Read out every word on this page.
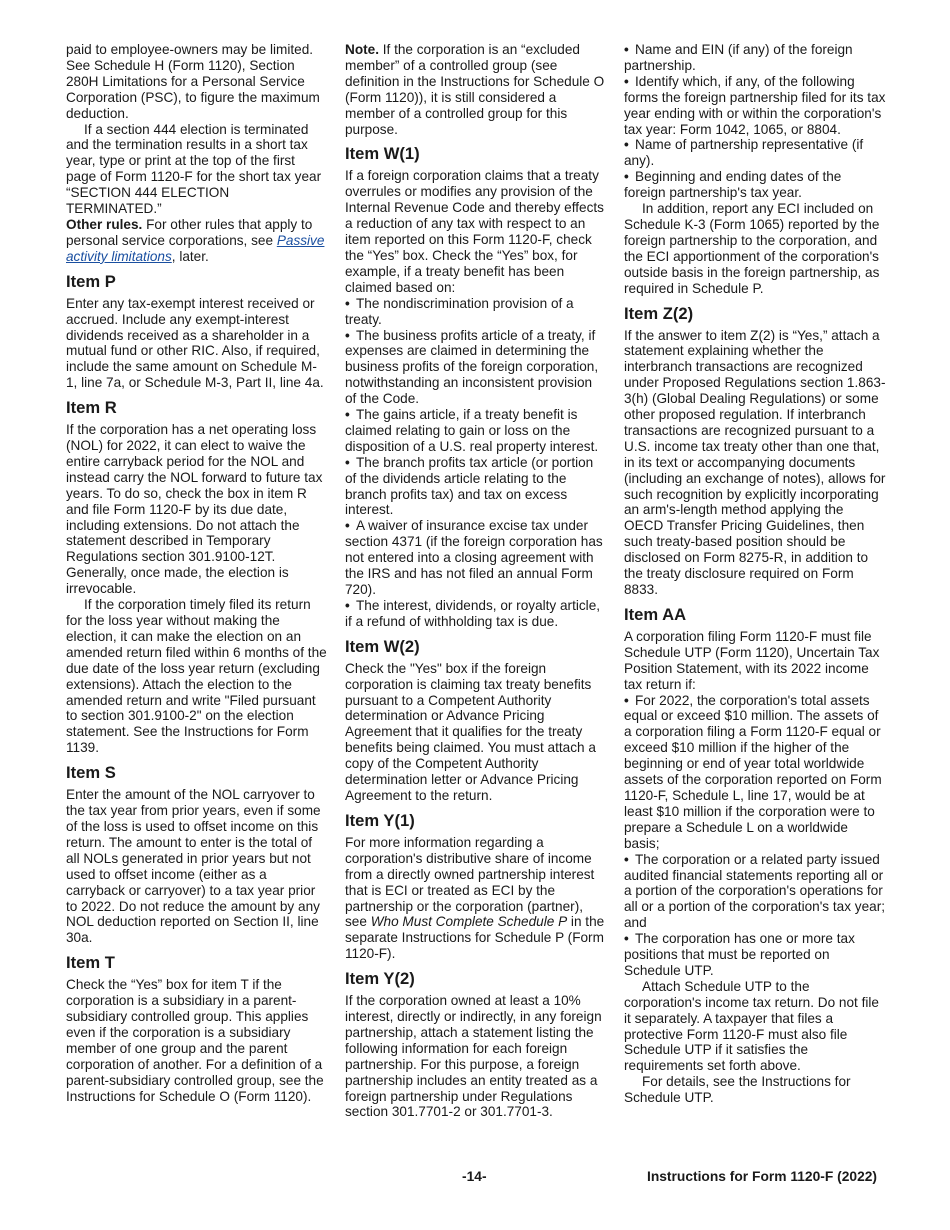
paid to employee-owners may be limited. See Schedule H (Form 1120), Section 280H Limitations for a Personal Service Corporation (PSC), to figure the maximum deduction.

If a section 444 election is terminated and the termination results in a short tax year, type or print at the top of the first page of Form 1120-F for the short tax year “SECTION 444 ELECTION TERMINATED.”

Other rules. For other rules that apply to personal service corporations, see Passive activity limitations, later.

Item P

Enter any tax-exempt interest received or accrued. Include any exempt-interest dividends received as a shareholder in a mutual fund or other RIC. Also, if required, include the same amount on Schedule M-1, line 7a, or Schedule M-3, Part II, line 4a.

Item R

If the corporation has a net operating loss (NOL) for 2022, it can elect to waive the entire carryback period for the NOL and instead carry the NOL forward to future tax years. To do so, check the box in item R and file Form 1120-F by its due date, including extensions. Do not attach the statement described in Temporary Regulations section 301.9100-12T. Generally, once made, the election is irrevocable.

If the corporation timely filed its return for the loss year without making the election, it can make the election on an amended return filed within 6 months of the due date of the loss year return (excluding extensions). Attach the election to the amended return and write "Filed pursuant to section 301.9100-2" on the election statement. See the Instructions for Form 1139.

Item S

Enter the amount of the NOL carryover to the tax year from prior years, even if some of the loss is used to offset income on this return. The amount to enter is the total of all NOLs generated in prior years but not used to offset income (either as a carryback or carryover) to a tax year prior to 2022. Do not reduce the amount by any NOL deduction reported on Section II, line 30a.

Item T

Check the “Yes” box for item T if the corporation is a subsidiary in a parent-subsidiary controlled group. This applies even if the corporation is a subsidiary member of one group and the parent corporation of another. For a definition of a parent-subsidiary controlled group, see the Instructions for Schedule O (Form 1120).

Note. If the corporation is an “excluded member” of a controlled group (see definition in the Instructions for Schedule O (Form 1120)), it is still considered a member of a controlled group for this purpose.

Item W(1)

If a foreign corporation claims that a treaty overrules or modifies any provision of the Internal Revenue Code and thereby effects a reduction of any tax with respect to an item reported on this Form 1120-F, check the “Yes” box. Check the “Yes” box, for example, if a treaty benefit has been claimed based on:

• The nondiscrimination provision of a treaty.

• The business profits article of a treaty, if expenses are claimed in determining the business profits of the foreign corporation, notwithstanding an inconsistent provision of the Code.

• The gains article, if a treaty benefit is claimed relating to gain or loss on the disposition of a U.S. real property interest.

• The branch profits tax article (or portion of the dividends article relating to the branch profits tax) and tax on excess interest.

• A waiver of insurance excise tax under section 4371 (if the foreign corporation has not entered into a closing agreement with the IRS and has not filed an annual Form 720).

• The interest, dividends, or royalty article, if a refund of withholding tax is due.

Item W(2)

Check the "Yes" box if the foreign corporation is claiming tax treaty benefits pursuant to a Competent Authority determination or Advance Pricing Agreement that it qualifies for the treaty benefits being claimed. You must attach a copy of the Competent Authority determination letter or Advance Pricing Agreement to the return.

Item Y(1)

For more information regarding a corporation's distributive share of income from a directly owned partnership interest that is ECI or treated as ECI by the partnership or the corporation (partner), see Who Must Complete Schedule P in the separate Instructions for Schedule P (Form 1120-F).

Item Y(2)

If the corporation owned at least a 10% interest, directly or indirectly, in any foreign partnership, attach a statement listing the following information for each foreign partnership. For this purpose, a foreign partnership includes an entity treated as a foreign partnership under Regulations section 301.7701-2 or 301.7701-3.

• Name and EIN (if any) of the foreign partnership.

• Identify which, if any, of the following forms the foreign partnership filed for its tax year ending with or within the corporation's tax year: Form 1042, 1065, or 8804.

• Name of partnership representative (if any).

• Beginning and ending dates of the foreign partnership's tax year.

In addition, report any ECI included on Schedule K-3 (Form 1065) reported by the foreign partnership to the corporation, and the ECI apportionment of the corporation's outside basis in the foreign partnership, as required in Schedule P.

Item Z(2)

If the answer to item Z(2) is “Yes,” attach a statement explaining whether the interbranch transactions are recognized under Proposed Regulations section 1.863-3(h) (Global Dealing Regulations) or some other proposed regulation. If interbranch transactions are recognized pursuant to a U.S. income tax treaty other than one that, in its text or accompanying documents (including an exchange of notes), allows for such recognition by explicitly incorporating an arm's-length method applying the OECD Transfer Pricing Guidelines, then such treaty-based position should be disclosed on Form 8275-R, in addition to the treaty disclosure required on Form 8833.

Item AA

A corporation filing Form 1120-F must file Schedule UTP (Form 1120), Uncertain Tax Position Statement, with its 2022 income tax return if:

• For 2022, the corporation's total assets equal or exceed $10 million. The assets of a corporation filing a Form 1120-F equal or exceed $10 million if the higher of the beginning or end of year total worldwide assets of the corporation reported on Form 1120-F, Schedule L, line 17, would be at least $10 million if the corporation were to prepare a Schedule L on a worldwide basis;

• The corporation or a related party issued audited financial statements reporting all or a portion of the corporation's operations for all or a portion of the corporation's tax year; and

• The corporation has one or more tax positions that must be reported on Schedule UTP.

Attach Schedule UTP to the corporation's income tax return. Do not file it separately. A taxpayer that files a protective Form 1120-F must also file Schedule UTP if it satisfies the requirements set forth above.

For details, see the Instructions for Schedule UTP.

-14-	Instructions for Form 1120-F (2022)
